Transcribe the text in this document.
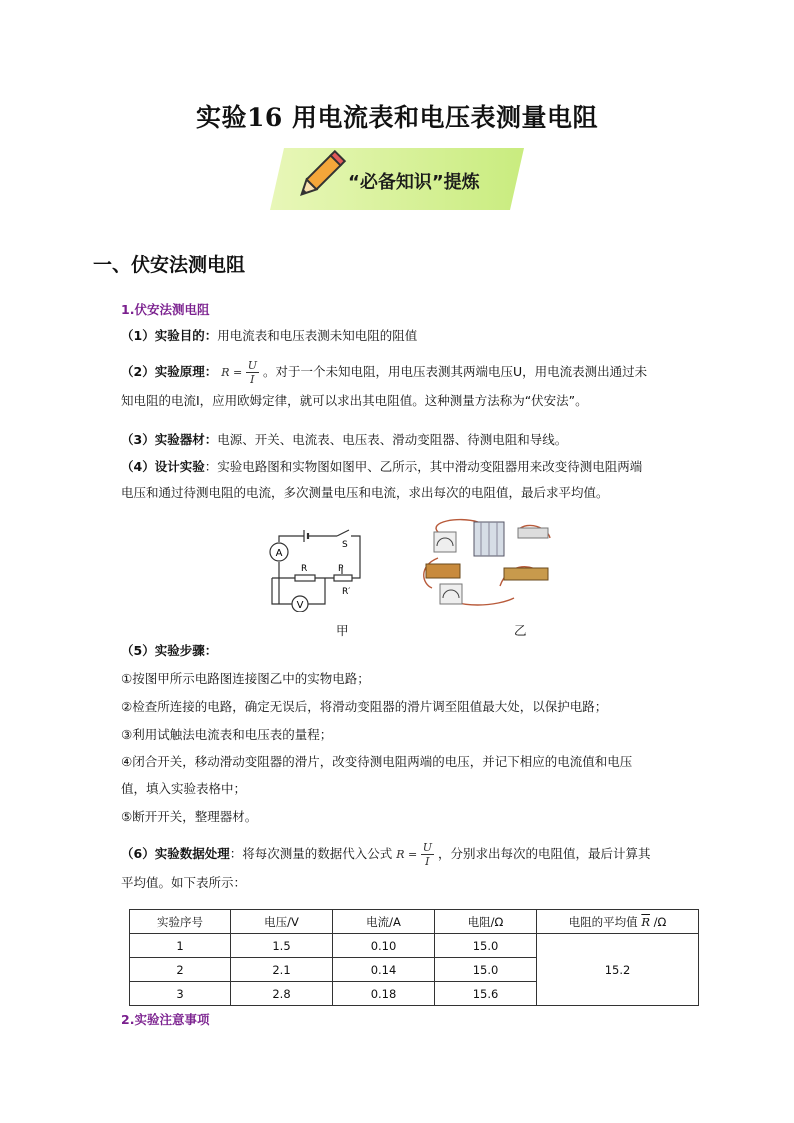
实验16 用电流表和电压表测量电阻
“必备知识”提炼
一、伏安法测电阻
1.伏安法测电阻
（1）实验目的：用电流表和电压表测未知电阻的阻值
（2）实验原理： $R = \frac{U}{I}$ 。对于一个未知电阻，用电压表测其两端电压U，用电流表测出通过未
知电阻的电流I，应用欧姆定律，就可以求出其电阻值。这种测量方法称为“伏安法”。
（3）实验器材：电源、开关、电流表、电压表、滑动变阻器、待测电阻和导线。
（4）设计实验：实验电路图和实物图如图甲、乙所示，其中滑动变阻器用来改变待测电阻两端
电压和通过待测电阻的电流，多次测量电压和电流，求出每次的电阻值，最后求平均值。
A
V
S
R	P
R′
甲	乙
（5）实验步骤：
①按图甲所示电路图连接图乙中的实物电路；
②检查所连接的电路，确定无误后，将滑动变阻器的滑片调至阻值最大处，以保护电路；
③利用试触法电流表和电压表的量程；
④闭合开关，移动滑动变阻器的滑片，改变待测电阻两端的电压，并记下相应的电流值和电压
值，填入实验表格中；
⑤断开开关，整理器材。
（6）实验数据处理：将每次测量的数据代入公式 $R = \frac{U}{I}$ ，分别求出每次的电阻值，最后计算其
平均值。如下表所示：
实验序号	电压/V	电流/A	电阻/Ω	电阻的平均值 $\overline{R}$ /Ω
1	1.5	0.10	15.0	15.2
2	2.1	0.14	15.0	
3	2.8	0.18	15.6	
2.实验注意事项
